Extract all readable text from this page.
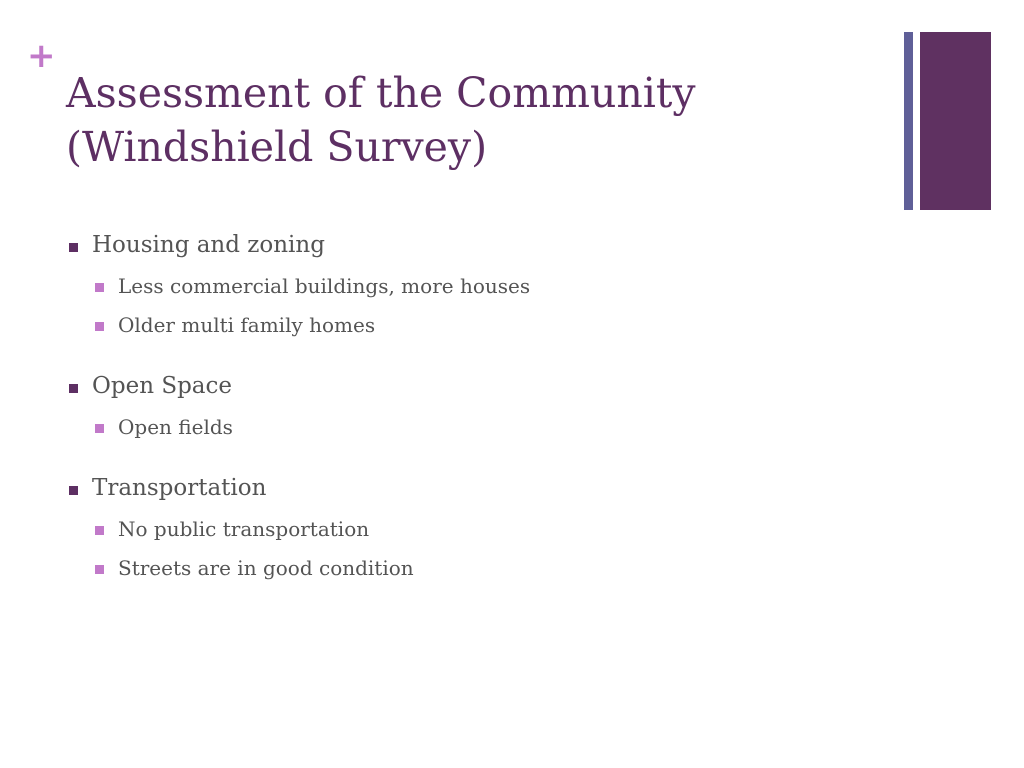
+
Assessment of the Community
(Windshield Survey)
Housing and zoning
Less commercial buildings, more houses
Older multi family homes
Open Space
Open fields
Transportation
No public transportation
Streets are in good condition
